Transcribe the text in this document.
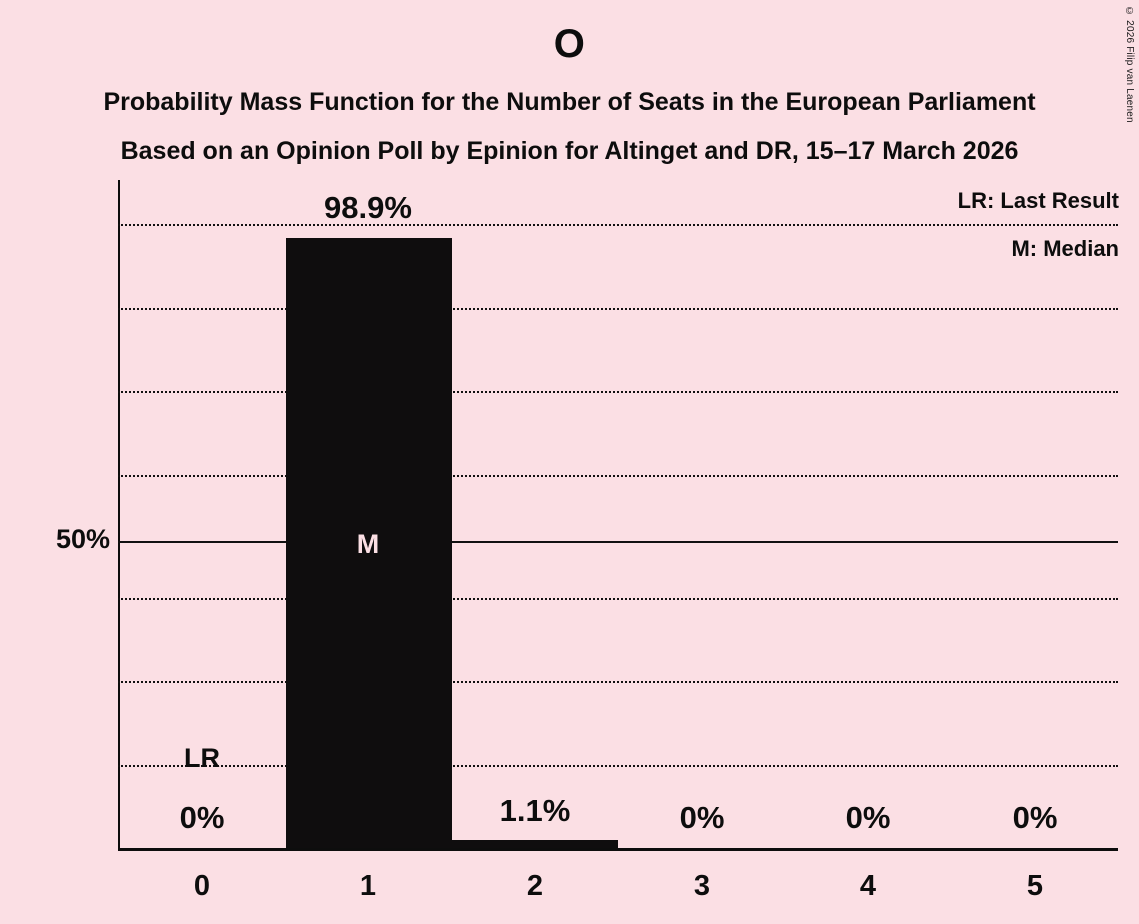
© 2026 Filip van Laenen
O
Probability Mass Function for the Number of Seats in the European Parliament
Based on an Opinion Poll by Epinion for Altinget and DR, 15–17 March 2026
LR: Last Result
M: Median
50%
0%
98.9%
1.1%	0%	0%	0%
M
LR
0	1	2	3	4	5
